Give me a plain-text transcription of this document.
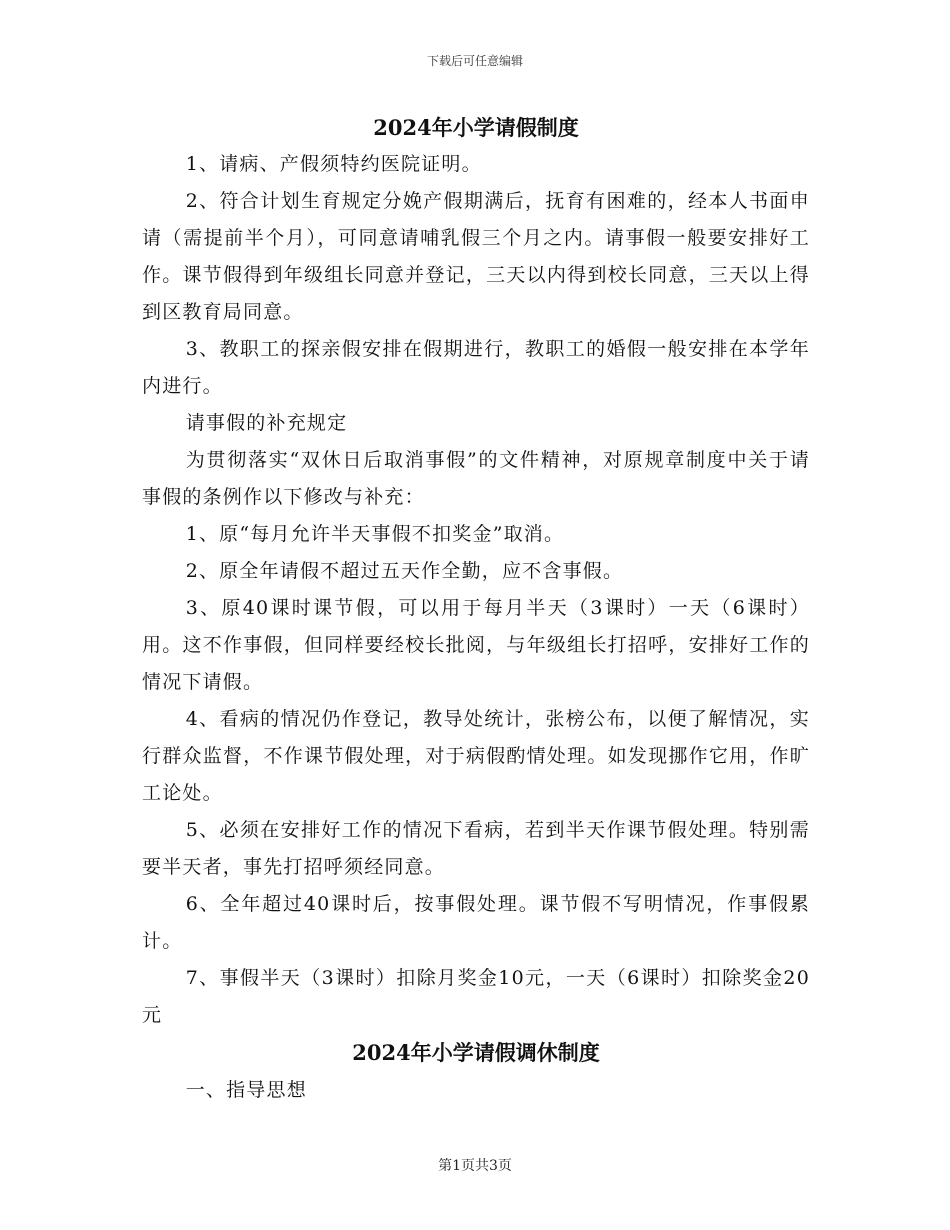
下载后可任意编辑
2024年小学请假制度

1、请病、产假须特约医院证明。

2、符合计划生育规定分娩产假期满后，抚育有困难的，经本人书面申请（需提前半个月），可同意请哺乳假三个月之内。请事假一般要安排好工作。课节假得到年级组长同意并登记，三天以内得到校长同意，三天以上得到区教育局同意。

3、教职工的探亲假安排在假期进行，教职工的婚假一般安排在本学年内进行。

请事假的补充规定

为贯彻落实“双休日后取消事假”的文件精神，对原规章制度中关于请事假的条例作以下修改与补充：

1、原“每月允许半天事假不扣奖金”取消。

2、原全年请假不超过五天作全勤，应不含事假。

3、原40课时课节假，可以用于每月半天（3课时）一天（6课时）用。这不作事假，但同样要经校长批阅，与年级组长打招呼，安排好工作的情况下请假。

4、看病的情况仍作登记，教导处统计，张榜公布，以便了解情况，实行群众监督，不作课节假处理，对于病假酌情处理。如发现挪作它用，作旷工论处。

5、必须在安排好工作的情况下看病，若到半天作课节假处理。特别需要半天者，事先打招呼须经同意。

6、全年超过40课时后，按事假处理。课节假不写明情况，作事假累计。

7、事假半天（3课时）扣除月奖金10元，一天（6课时）扣除奖金20元

2024年小学请假调休制度

一、指导思想

第1页共3页
